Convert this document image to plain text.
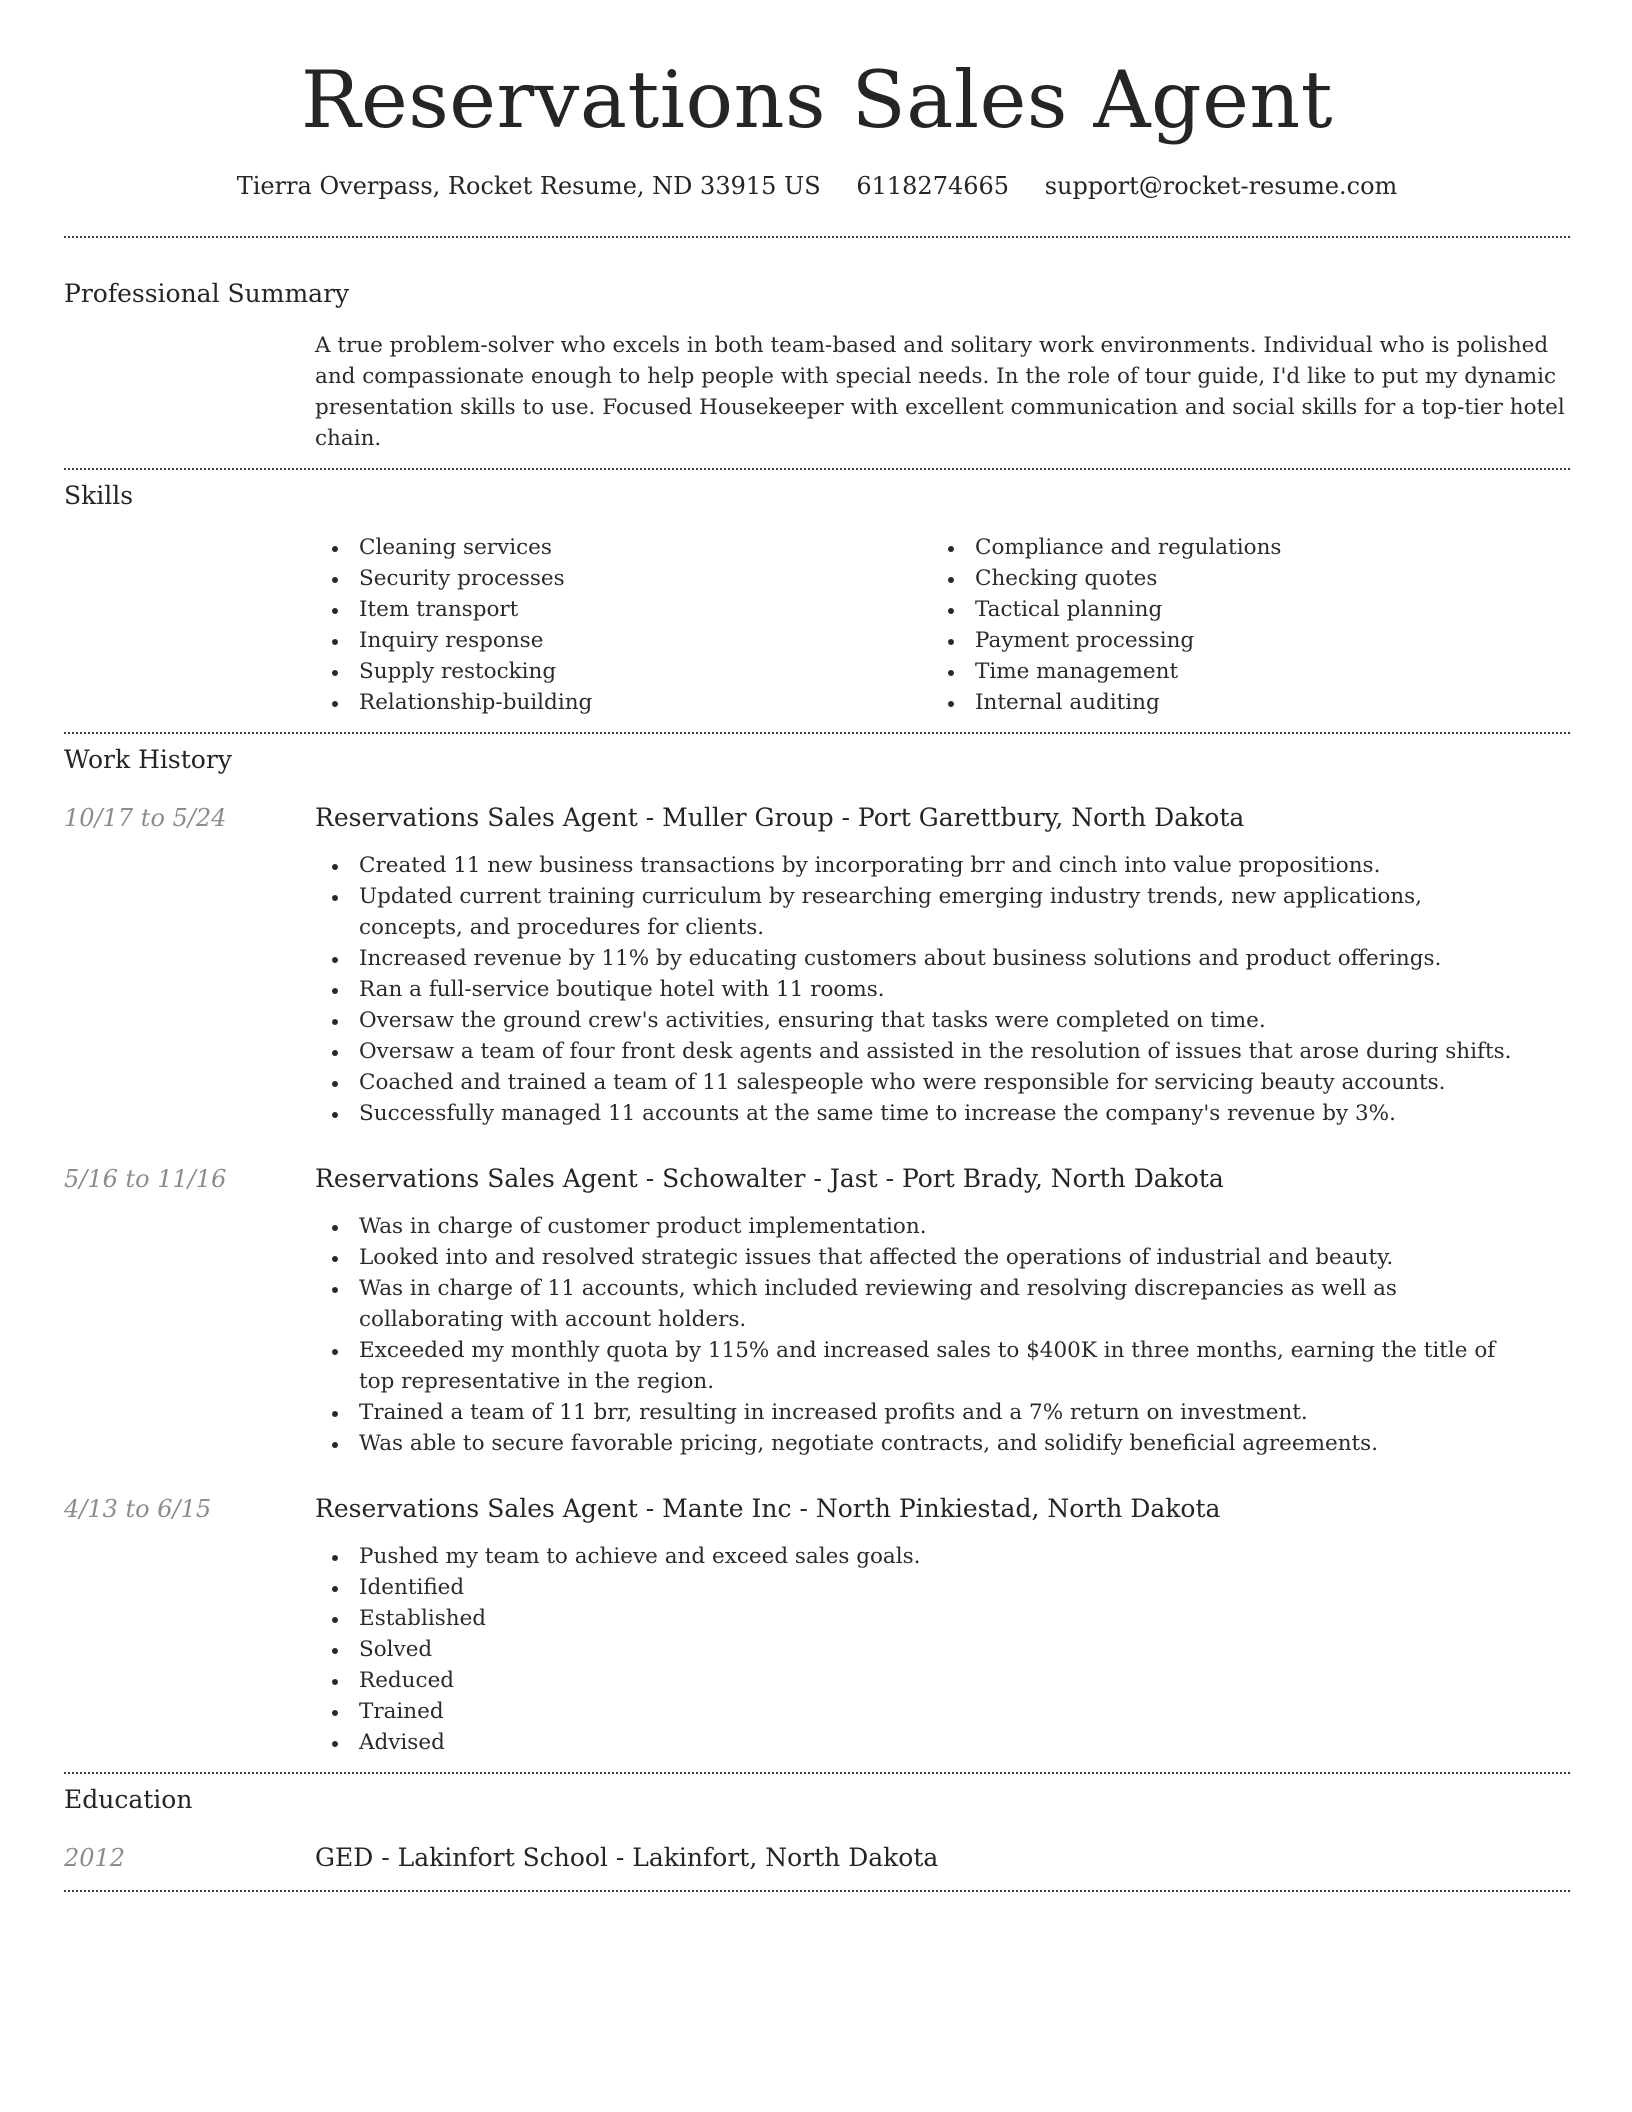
Reservations Sales Agent
Tierra Overpass, Rocket Resume, ND 33915 US 6118274665 support@rocket-resume.com
Professional Summary

A true problem-solver who excels in both team-based and solitary work environments. Individual who is polished and compassionate enough to help people with special needs. In the role of tour guide, I'd like to put my dynamic presentation skills to use. Focused Housekeeper with excellent communication and social skills for a top-tier hotel chain.

Skills
Cleaning services
Security processes
Item transport
Inquiry response
Supply restocking
Relationship-building
Compliance and regulations
Checking quotes
Tactical planning
Payment processing
Time management
Internal auditing
Work History
10/17 to 5/24	Reservations Sales Agent - Muller Group - Port Garettbury, North Dakota
Created 11 new business transactions by incorporating brr and cinch into value propositions.
Updated current training curriculum by researching emerging industry trends, new applications, concepts, and procedures for clients.
Increased revenue by 11% by educating customers about business solutions and product offerings.
Ran a full-service boutique hotel with 11 rooms.
Oversaw the ground crew's activities, ensuring that tasks were completed on time.
Oversaw a team of four front desk agents and assisted in the resolution of issues that arose during shifts.
Coached and trained a team of 11 salespeople who were responsible for servicing beauty accounts.
Successfully managed 11 accounts at the same time to increase the company's revenue by 3%.
5/16 to 11/16	Reservations Sales Agent - Schowalter - Jast - Port Brady, North Dakota
Was in charge of customer product implementation.
Looked into and resolved strategic issues that affected the operations of industrial and beauty.
Was in charge of 11 accounts, which included reviewing and resolving discrepancies as well as collaborating with account holders.
Exceeded my monthly quota by 115% and increased sales to $400K in three months, earning the title of top representative in the region.
Trained a team of 11 brr, resulting in increased profits and a 7% return on investment.
Was able to secure favorable pricing, negotiate contracts, and solidify beneficial agreements.
4/13 to 6/15	Reservations Sales Agent - Mante Inc - North Pinkiestad, North Dakota
Pushed my team to achieve and exceed sales goals.
Identified
Established
Solved
Reduced
Trained
Advised
Education
2012	GED - Lakinfort School - Lakinfort, North Dakota
